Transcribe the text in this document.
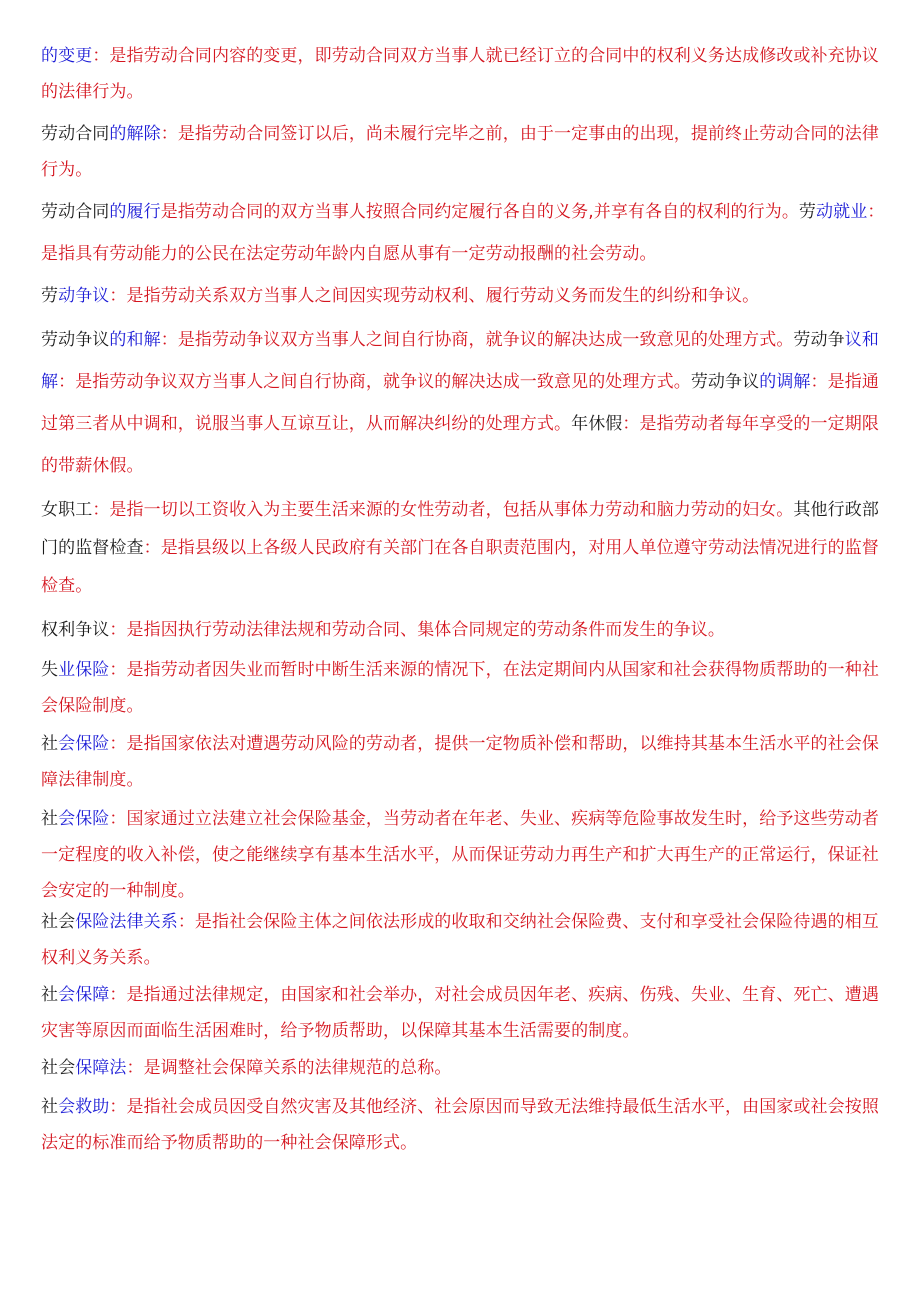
的变更：是指劳动合同内容的变更，即劳动合同双方当事人就已经订立的合同中的权利义务达成修改或补充协议的法律行为。

劳动合同的解除：是指劳动合同签订以后，尚未履行完毕之前，由于一定事由的出现，提前终止劳动合同的法律行为。

劳动合同的履行是指劳动合同的双方当事人按照合同约定履行各自的义务,并享有各自的权利的行为。劳动就业：是指具有劳动能力的公民在法定劳动年龄内自愿从事有一定劳动报酬的社会劳动。

劳动争议：是指劳动关系双方当事人之间因实现劳动权利、履行劳动义务而发生的纠纷和争议。

劳动争议的和解：是指劳动争议双方当事人之间自行协商，就争议的解决达成一致意见的处理方式。劳动争议和解：是指劳动争议双方当事人之间自行协商，就争议的解决达成一致意见的处理方式。劳动争议的调解：是指通过第三者从中调和，说服当事人互谅互让，从而解决纠纷的处理方式。年休假：是指劳动者每年享受的一定期限的带薪休假。

女职工：是指一切以工资收入为主要生活来源的女性劳动者，包括从事体力劳动和脑力劳动的妇女。其他行政部门的监督检查：是指县级以上各级人民政府有关部门在各自职责范围内，对用人单位遵守劳动法情况进行的监督检查。

权利争议：是指因执行劳动法律法规和劳动合同、集体合同规定的劳动条件而发生的争议。

失业保险：是指劳动者因失业而暂时中断生活来源的情况下，在法定期间内从国家和社会获得物质帮助的一种社会保险制度。

社会保险：是指国家依法对遭遇劳动风险的劳动者，提供一定物质补偿和帮助，以维持其基本生活水平的社会保障法律制度。

社会保险：国家通过立法建立社会保险基金，当劳动者在年老、失业、疾病等危险事故发生时，给予这些劳动者一定程度的收入补偿，使之能继续享有基本生活水平，从而保证劳动力再生产和扩大再生产的正常运行，保证社会安定的一种制度。

社会保险法律关系：是指社会保险主体之间依法形成的收取和交纳社会保险费、支付和享受社会保险待遇的相互权利义务关系。

社会保障：是指通过法律规定，由国家和社会举办，对社会成员因年老、疾病、伤残、失业、生育、死亡、遭遇灾害等原因而面临生活困难时，给予物质帮助，以保障其基本生活需要的制度。

社会保障法：是调整社会保障关系的法律规范的总称。

社会救助：是指社会成员因受自然灾害及其他经济、社会原因而导致无法维持最低生活水平，由国家或社会按照法定的标准而给予物质帮助的一种社会保障形式。
